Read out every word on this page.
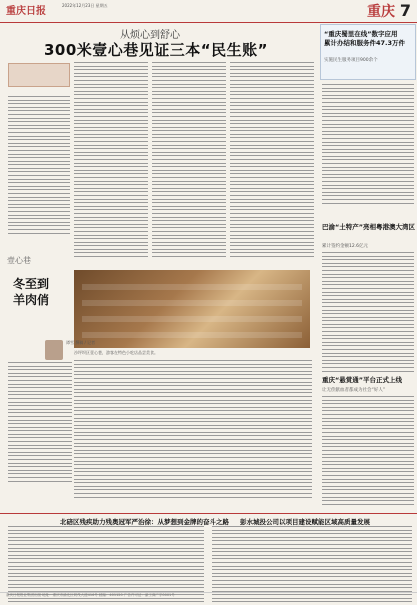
重庆日报
2022年12月23日 星期五	重庆 7
从烦心到舒心
300米壹心巷见证三本“民生账”
沙坪坝区壹心巷，游客在特色小吃店品尝美食。
壹心巷
冬至到
羊肉俏
谭雪 撰稿 / 记者
“重庆蜀里在线”数字应用
累计办结和服务件47.3万件
实施民生服务项目900余个
巴渝“土特产”亮相粤港澳大湾区
累计签约金额12.6亿元
重庆“悬赏通”平台正式上线
让无偿献血者都成为社会“好人”
北碚区残疾助力残奥冠军严治徐：从梦想到金牌的奋斗之路 彭水城投公司以项目建设赋能区域高质量发展
重庆日报报业集团出版 地址：重庆市渝北区同茂大道416号 邮编：401120 广告许可证：渝工商广字0001号
